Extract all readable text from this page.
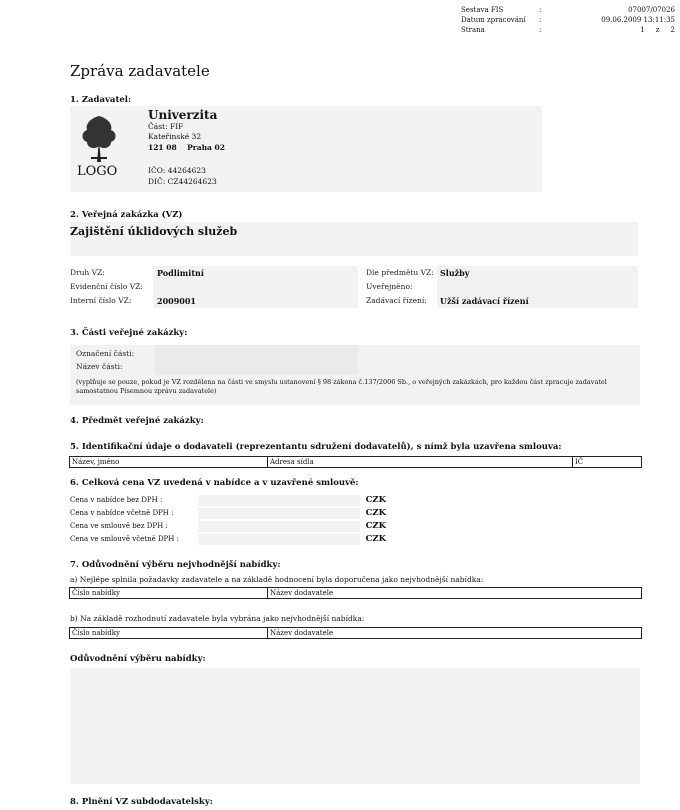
Sestava FIS	:	07007/07026
Datum zpracování	:	09.06.2009 13:11:35
Strana	:	1     z     2
Zpráva zadavatele
1. Zadavatel:
LOGO
Univerzita
Část: FIF
Kateřinské 32
121 08    Praha 02
IČO: 44264623
DIČ: CZ44264623
2. Veřejná zakázka (VZ)
Zajištění úklidových služeb
Druh VZ:	Podlimitní
Evidenční číslo VZ:
Interní číslo VZ:	2009001
Dle předmětu VZ: Služby
Uveřejněno:
Zadávací řízení: Užší zadávací řízení
3. Části veřejné zakázky:
Označení části:
Název části:
(vyplňuje se pouze, pokud je VZ rozdělena na části ve smyslu ustanovení § 98 zákona č.137/2006 Sb., o veřejných zakázkách, pro každou část zpracuje zadavatel samostatnou Písemnou zprávu zadavatele)
4. Předmět veřejné zakázky:
5. Identifikační údaje o dodavateli (reprezentantu sdružení dodavatelů), s nímž byla uzavřena smlouva:
Název, jméno	Adresa sídla	IČ
6. Celková cena VZ uvedená v nabídce a v uzavřené smlouvě:
Cena v nabídce bez DPH :	CZK
Cena v nabídce včetně DPH :	CZK
Cena ve smlouvě bez DPH :	CZK
Cena ve smlouvě včetně DPH :	CZK
7. Odůvodnění výběru nejvhodnější nabídky:
a) Nejlépe splnila požadavky zadavatele a na základě hodnocení byla doporučena jako nejvhodnější nabídka:
Číslo nabídky	Název dodavatele
b) Na základě rozhodnutí zadavatele byla vybrána jako nejvhodnější nabídka:
Číslo nabídky	Název dodavatele
Odůvodnění výběru nabídky:
8. Plnění VZ subdodavatelsky:
